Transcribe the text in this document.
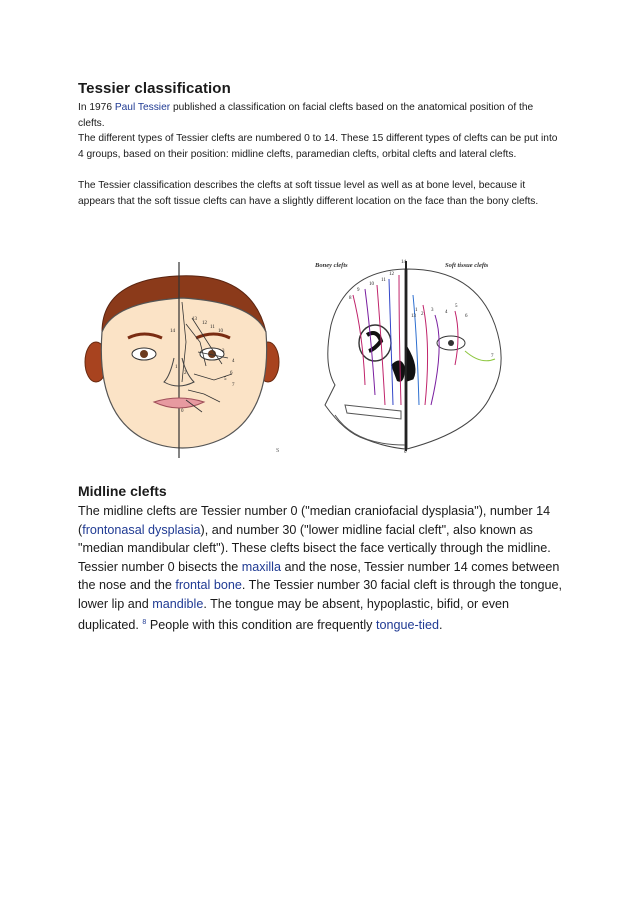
Tessier classification
In 1976 Paul Tessier published a classification on facial clefts based on the anatomical position of the clefts.
The different types of Tessier clefts are numbered 0 to 14. These 15 different types of clefts can be put into 4 groups, based on their position: midline clefts, paramedian clefts, orbital clefts and lateral clefts.
The Tessier classification describes the clefts at soft tissue level as well as at bone level, because it appears that the soft tissue clefts can have a slightly different location on the face than the bony clefts.
14
13
12
11
10
1
2
3
4
5
6
7
0
S
Boney clefts	Soft tissue clefts
14
13
12
11
10
9
8
7
6
5
4
3
2
1
0
Midline clefts
The midline clefts are Tessier number 0 ("median craniofacial dysplasia"), number 14 (frontonasal dysplasia), and number 30 ("lower midline facial cleft", also known as "median mandibular cleft"). These clefts bisect the face vertically through the midline. Tessier number 0 bisects the maxilla and the nose, Tessier number 14 comes between the nose and the frontal bone. The Tessier number 30 facial cleft is through the tongue, lower lip and mandible. The tongue may be absent, hypoplastic, bifid, or even duplicated. $^8$ People with this condition are frequently tongue-tied.
